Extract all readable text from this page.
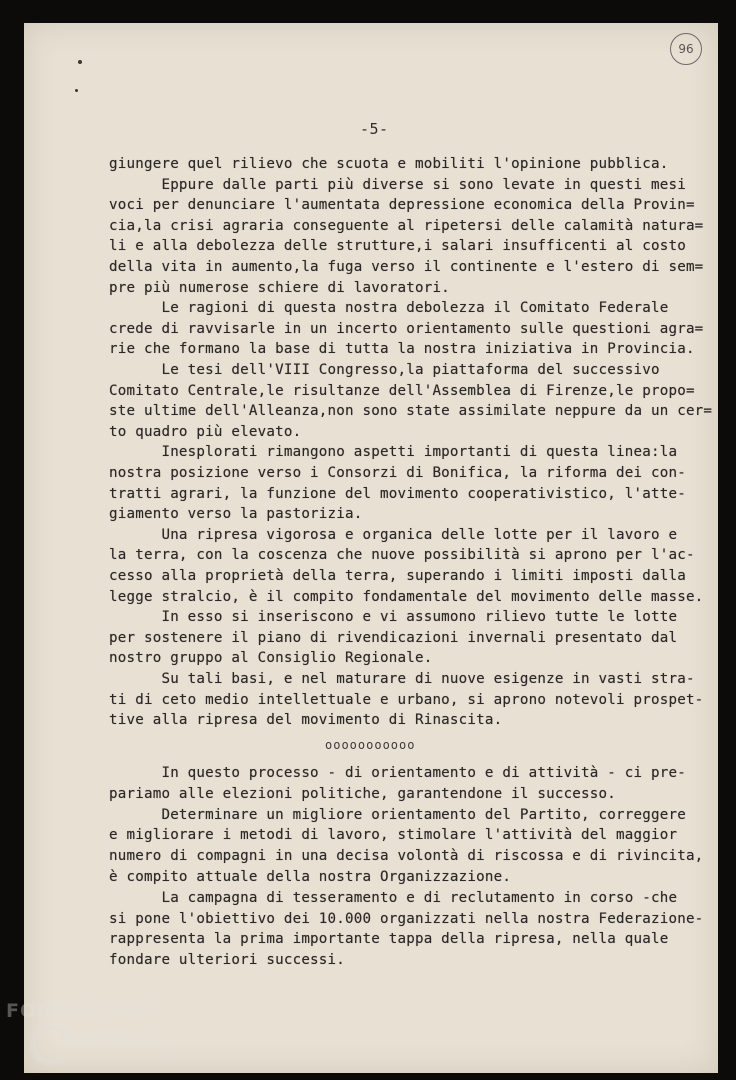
96
-5-
giungere quel rilievo che scuota e mobiliti l'opinione pubblica.
Eppure dalle parti più diverse si sono levate in questi mesi
voci per denunciare l'aumentata depressione economica della Provin=
cia,la crisi agraria conseguente al ripetersi delle calamità natura=
li e alla debolezza delle strutture,i salari insufficenti al costo
della vita in aumento,la fuga verso il continente e l'estero di sem=
pre più numerose schiere di lavoratori.
Le ragioni di questa nostra debolezza il Comitato Federale
crede di ravvisarle in un incerto orientamento sulle questioni agra=
rie che formano la base di tutta la nostra iniziativa in Provincia.
Le tesi dell'VIII Congresso,la piattaforma del successivo
Comitato Centrale,le risultanze dell'Assemblea di Firenze,le propo=
ste ultime dell'Alleanza,non sono state assimilate neppure da un cer=
to quadro più elevato.
Inesplorati rimangono aspetti importanti di questa linea:la
nostra posizione verso i Consorzi di Bonifica, la riforma dei con-
tratti agrari, la funzione del movimento cooperativistico, l'atte-
giamento verso la pastorizia.
Una ripresa vigorosa e organica delle lotte per il lavoro e
la terra, con la coscenza che nuove possibilità si aprono per l'ac-
cesso alla proprietà della terra, superando i limiti imposti dalla
legge stralcio, è il compito fondamentale del movimento delle masse.
In esso si inseriscono e vi assumono rilievo tutte le lotte
per sostenere il piano di rivendicazioni invernali presentato dal
nostro gruppo al Consiglio Regionale.
Su tali basi, e nel maturare di nuove esigenze in vasti stra-
ti di ceto medio intellettuale e urbano, si aprono notevoli prospet-
tive alla ripresa del movimento di Rinascita.
In questo processo - di orientamento e di attività - ci pre-
pariamo alle elezioni politiche, garantendone il successo.
Determinare un migliore orientamento del Partito, correggere
e migliorare i metodi di lavoro, stimolare l'attività del maggior
numero di compagni in una decisa volontà di riscossa e di rivincita,
è compito attuale della nostra Organizzazione.
La campagna di tesseramento e di reclutamento in corso -che
si pone l'obiettivo dei 10.000 organizzati nella nostra Federazione-
rappresenta la prima importante tappa della ripresa, nella quale
fondare ulteriori successi.
ooooooooooo
FONDAZIONE
RAMSCI
onlus
